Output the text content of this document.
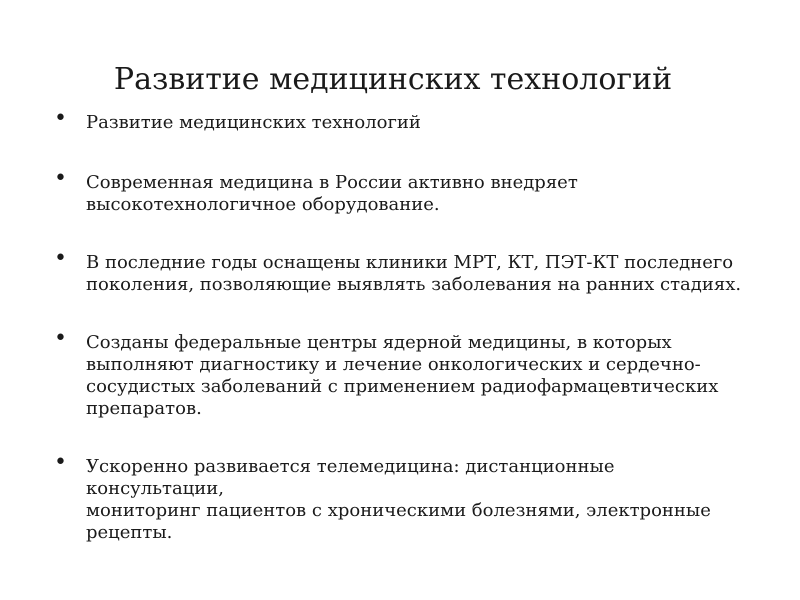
Развитие медицинских технологий
• Развитие медицинских технологий
• Современная медицина в России активно внедряет
высокотехнологичное оборудование.
• В последние годы оснащены клиники МРТ, КТ, ПЭТ-КТ последнего
поколения, позволяющие выявлять заболевания на ранних стадиях.
• Созданы федеральные центры ядерной медицины, в которых
выполняют диагностику и лечение онкологических и сердечно-
сосудистых заболеваний с применением радиофармацевтических
препаратов.
• Ускоренно развивается телемедицина: дистанционные консультации,
мониторинг пациентов с хроническими болезнями, электронные
рецепты.
